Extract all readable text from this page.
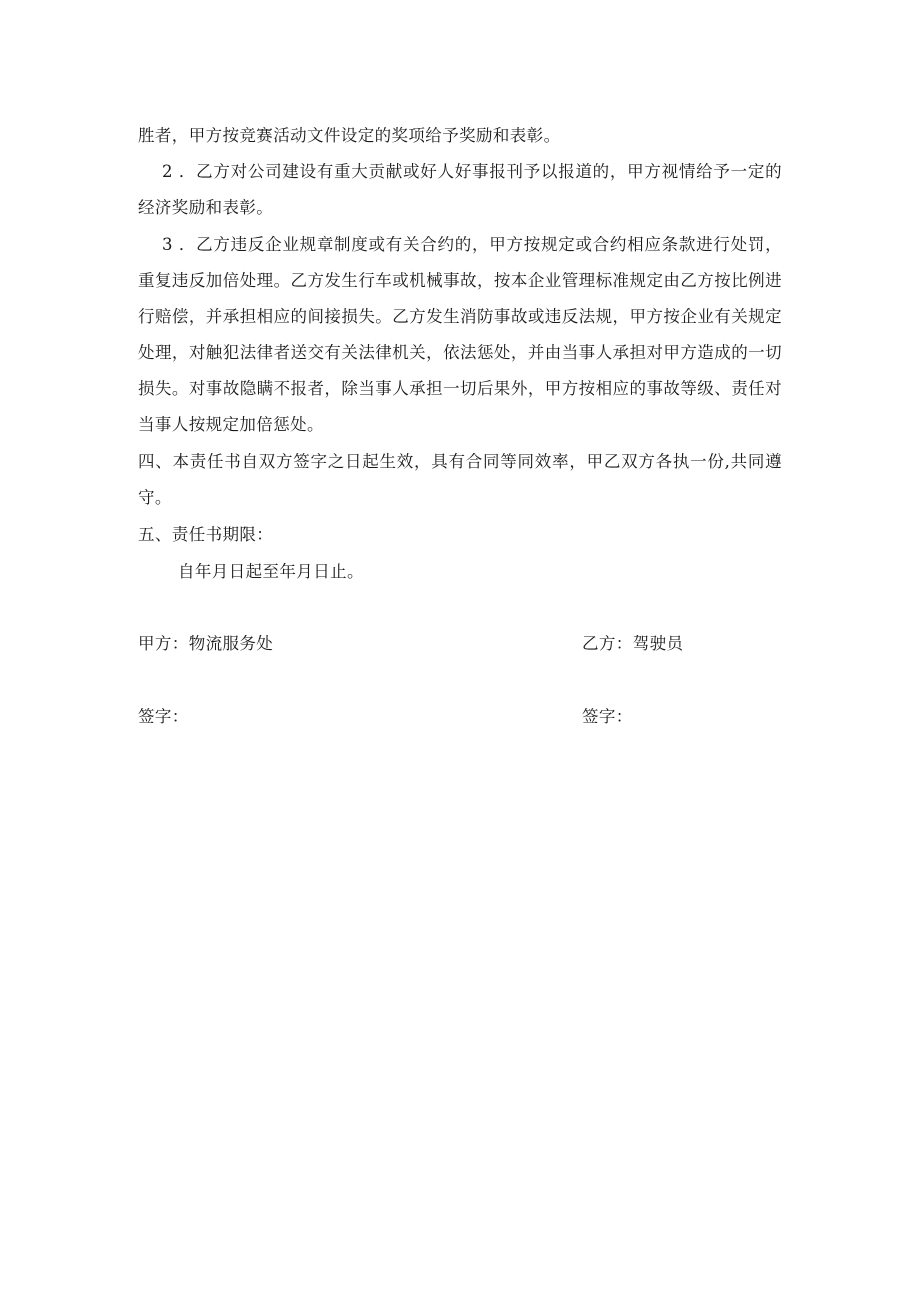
胜者，甲方按竞赛活动文件设定的奖项给予奖励和表彰。
2 ．乙方对公司建设有重大贡献或好人好事报刊予以报道的，甲方视情给予一定的
经济奖励和表彰。
3 ．乙方违反企业规章制度或有关合约的，甲方按规定或合约相应条款进行处罚，
重复违反加倍处理。乙方发生行车或机械事故，按本企业管理标准规定由乙方按比例进
行赔偿，并承担相应的间接损失。乙方发生消防事故或违反法规，甲方按企业有关规定
处理，对触犯法律者送交有关法律机关，依法惩处，并由当事人承担对甲方造成的一切
损失。对事故隐瞒不报者，除当事人承担一切后果外，甲方按相应的事故等级、责任对
当事人按规定加倍惩处。
四、本责任书自双方签字之日起生效，具有合同等同效率，甲乙双方各执一份,共同遵
守。
五、责任书期限：
自年月日起至年月日止。
甲方：物流服务处	乙方：驾驶员
签字：	签字：
